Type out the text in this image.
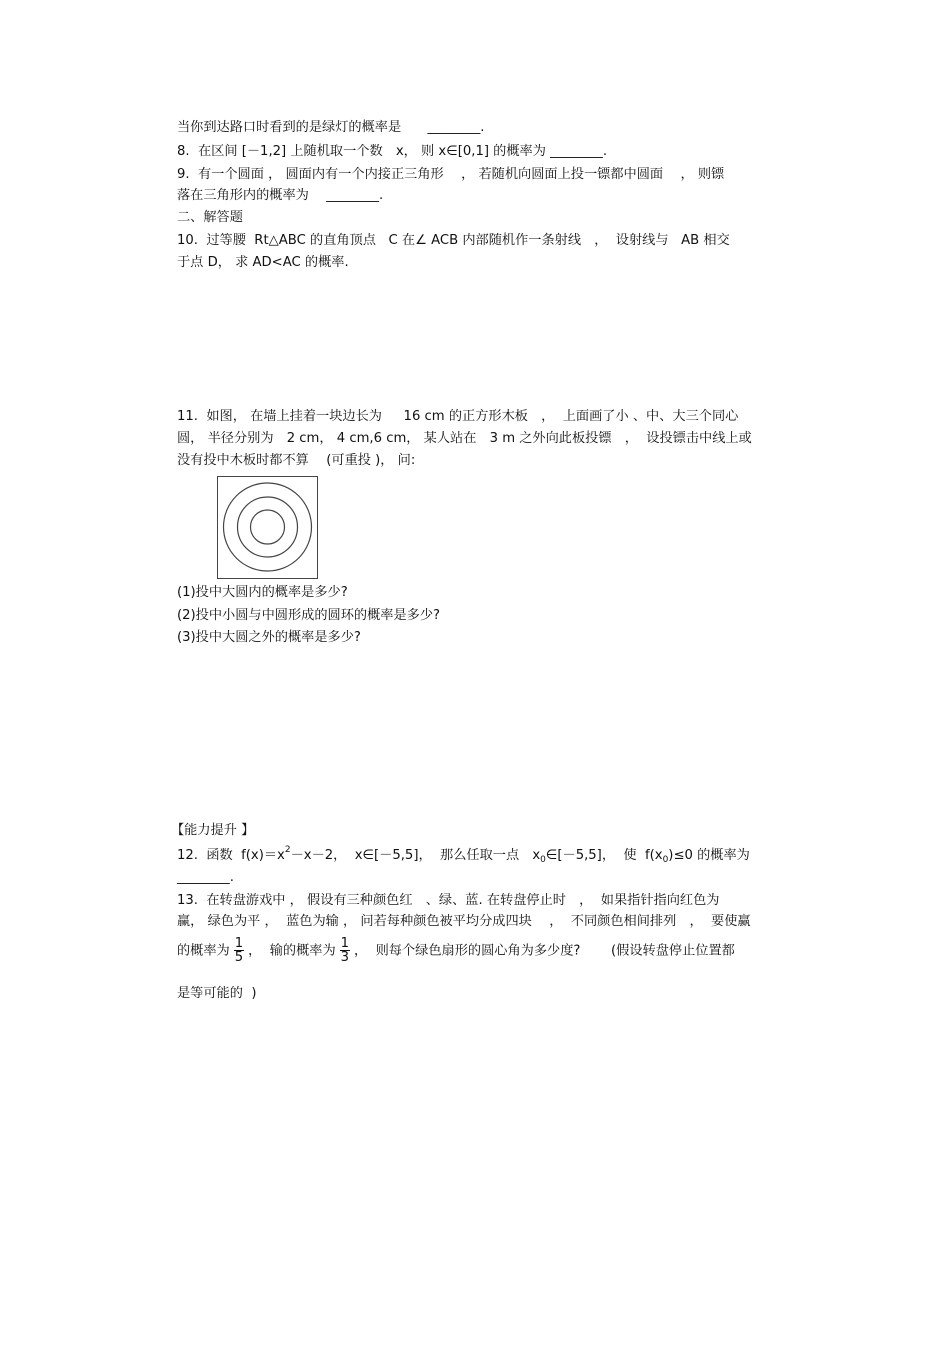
当你到达路口时看到的是绿灯的概率是　　________.
8.  在区间 [－1,2] 上随机取一个数　x， 则 x∈[0,1] 的概率为 ________.
9.  有一个圆面 ， 圆面内有一个内接正三角形　 ， 若随机向圆面上投一镖都中圆面　 ， 则镖
落在三角形内的概率为　 ________.
二、解答题
10.  过等腰  Rt△ABC 的直角顶点   C 在∠ ACB 内部随机作一条射线　，  设射线与   AB 相交
于点 D， 求 AD<AC 的概率.
11.  如图， 在墙上挂着一块边长为　  16 cm 的正方形木板　，  上面画了小 、中、大三个同心
圆， 半径分别为　2 cm， 4 cm,6 cm， 某人站在　3 m 之外向此板投镖　，  设投镖击中线上或
没有投中木板时都不算　 (可重投 )， 问:
(1)投中大圆内的概率是多少?
(2)投中小圆与中圆形成的圆环的概率是多少?
(3)投中大圆之外的概率是多少?
【能力提升 】
12.  函数  $f(x)=x^2-x-2$，  x∈[－5,5]，  那么任取一点　$x_0\in[-5,5]$，  使  $f(x_0)\le 0$ 的概率为
________.
13.  在转盘游戏中 ， 假设有三种颜色红　、绿、蓝. 在转盘停止时　，  如果指针指向红色为
赢， 绿色为平 ，  蓝色为输 ， 问若每种颜色被平均分成四块　 ，  不同颜色相间排列　，  要使赢
的概率为 $\frac{1}{5}$ ，  输的概率为 $\frac{1}{3}$ ，  则每个绿色扇形的圆心角为多少度?　　 (假设转盘停止位置都
是等可能的  )
